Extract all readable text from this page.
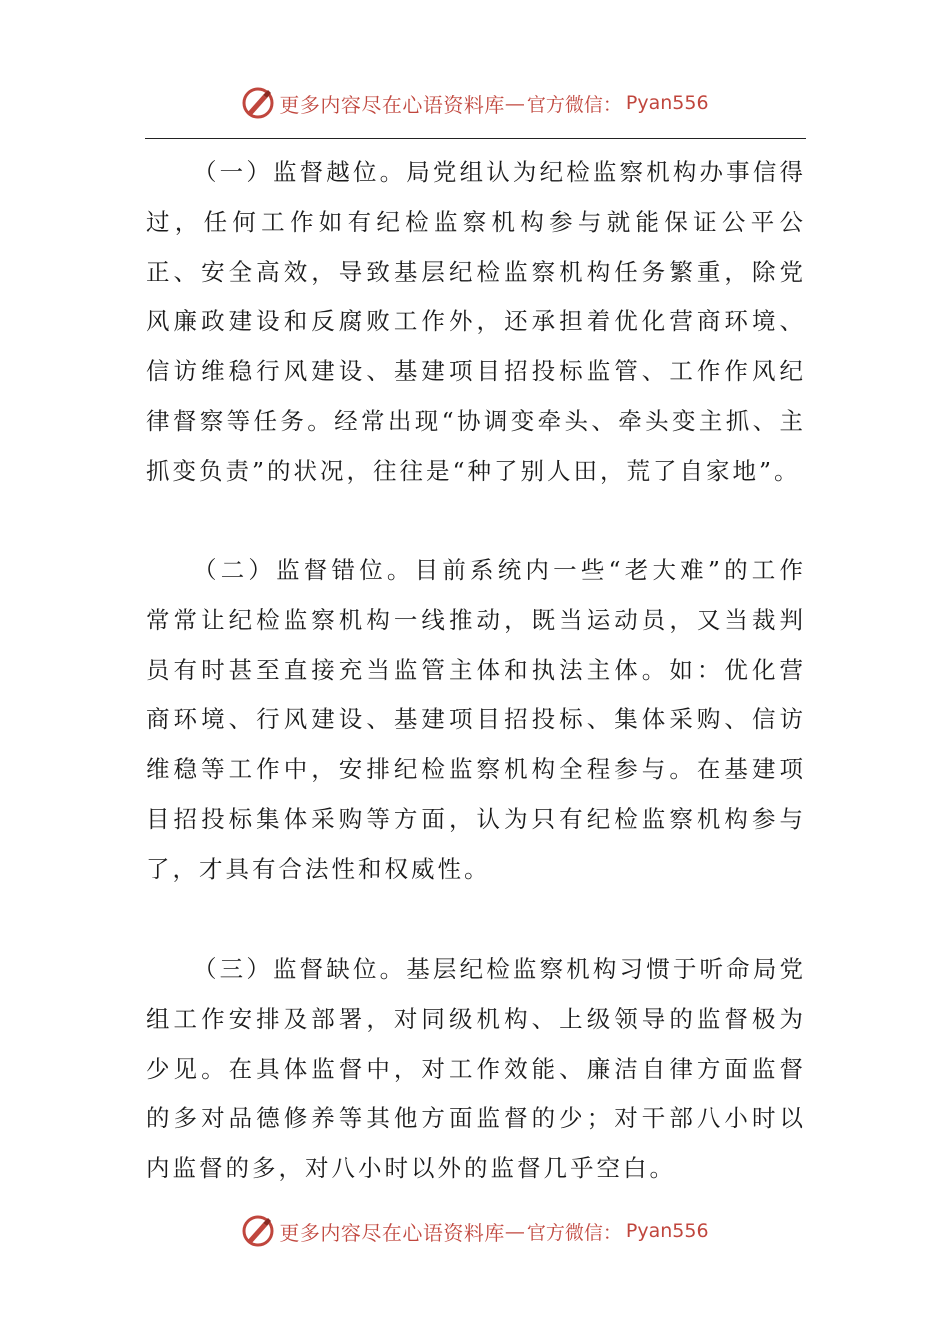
更多内容尽在心语资料库 — 官方微信： Pyan556

（一）监督越位。局党组认为纪检监察机构办事信得过，任何工作如有纪检监察机构参与就能保证公平公正、安全高效，导致基层纪检监察机构任务繁重，除党风廉政建设和反腐败工作外，还承担着优化营商环境、信访维稳行风建设、基建项目招投标监管、工作作风纪律督察等任务。经常出现“协调变牵头、牵头变主抓、主抓变负责”的状况，往往是“种了别人田，荒了自家地”。

（二）监督错位。目前系统内一些“老大难”的工作常常让纪检监察机构一线推动，既当运动员，又当裁判员有时甚至直接充当监管主体和执法主体。如：优化营商环境、行风建设、基建项目招投标、集体采购、信访维稳等工作中，安排纪检监察机构全程参与。在基建项目招投标集体采购等方面，认为只有纪检监察机构参与了，才具有合法性和权威性。

（三）监督缺位。基层纪检监察机构习惯于听命局党组工作安排及部署，对同级机构、上级领导的监督极为少见。在具体监督中，对工作效能、廉洁自律方面监督的多对品德修养等其他方面监督的少；对干部八小时以内监督的多，对八小时以外的监督几乎空白。

更多内容尽在心语资料库 — 官方微信： Pyan556
